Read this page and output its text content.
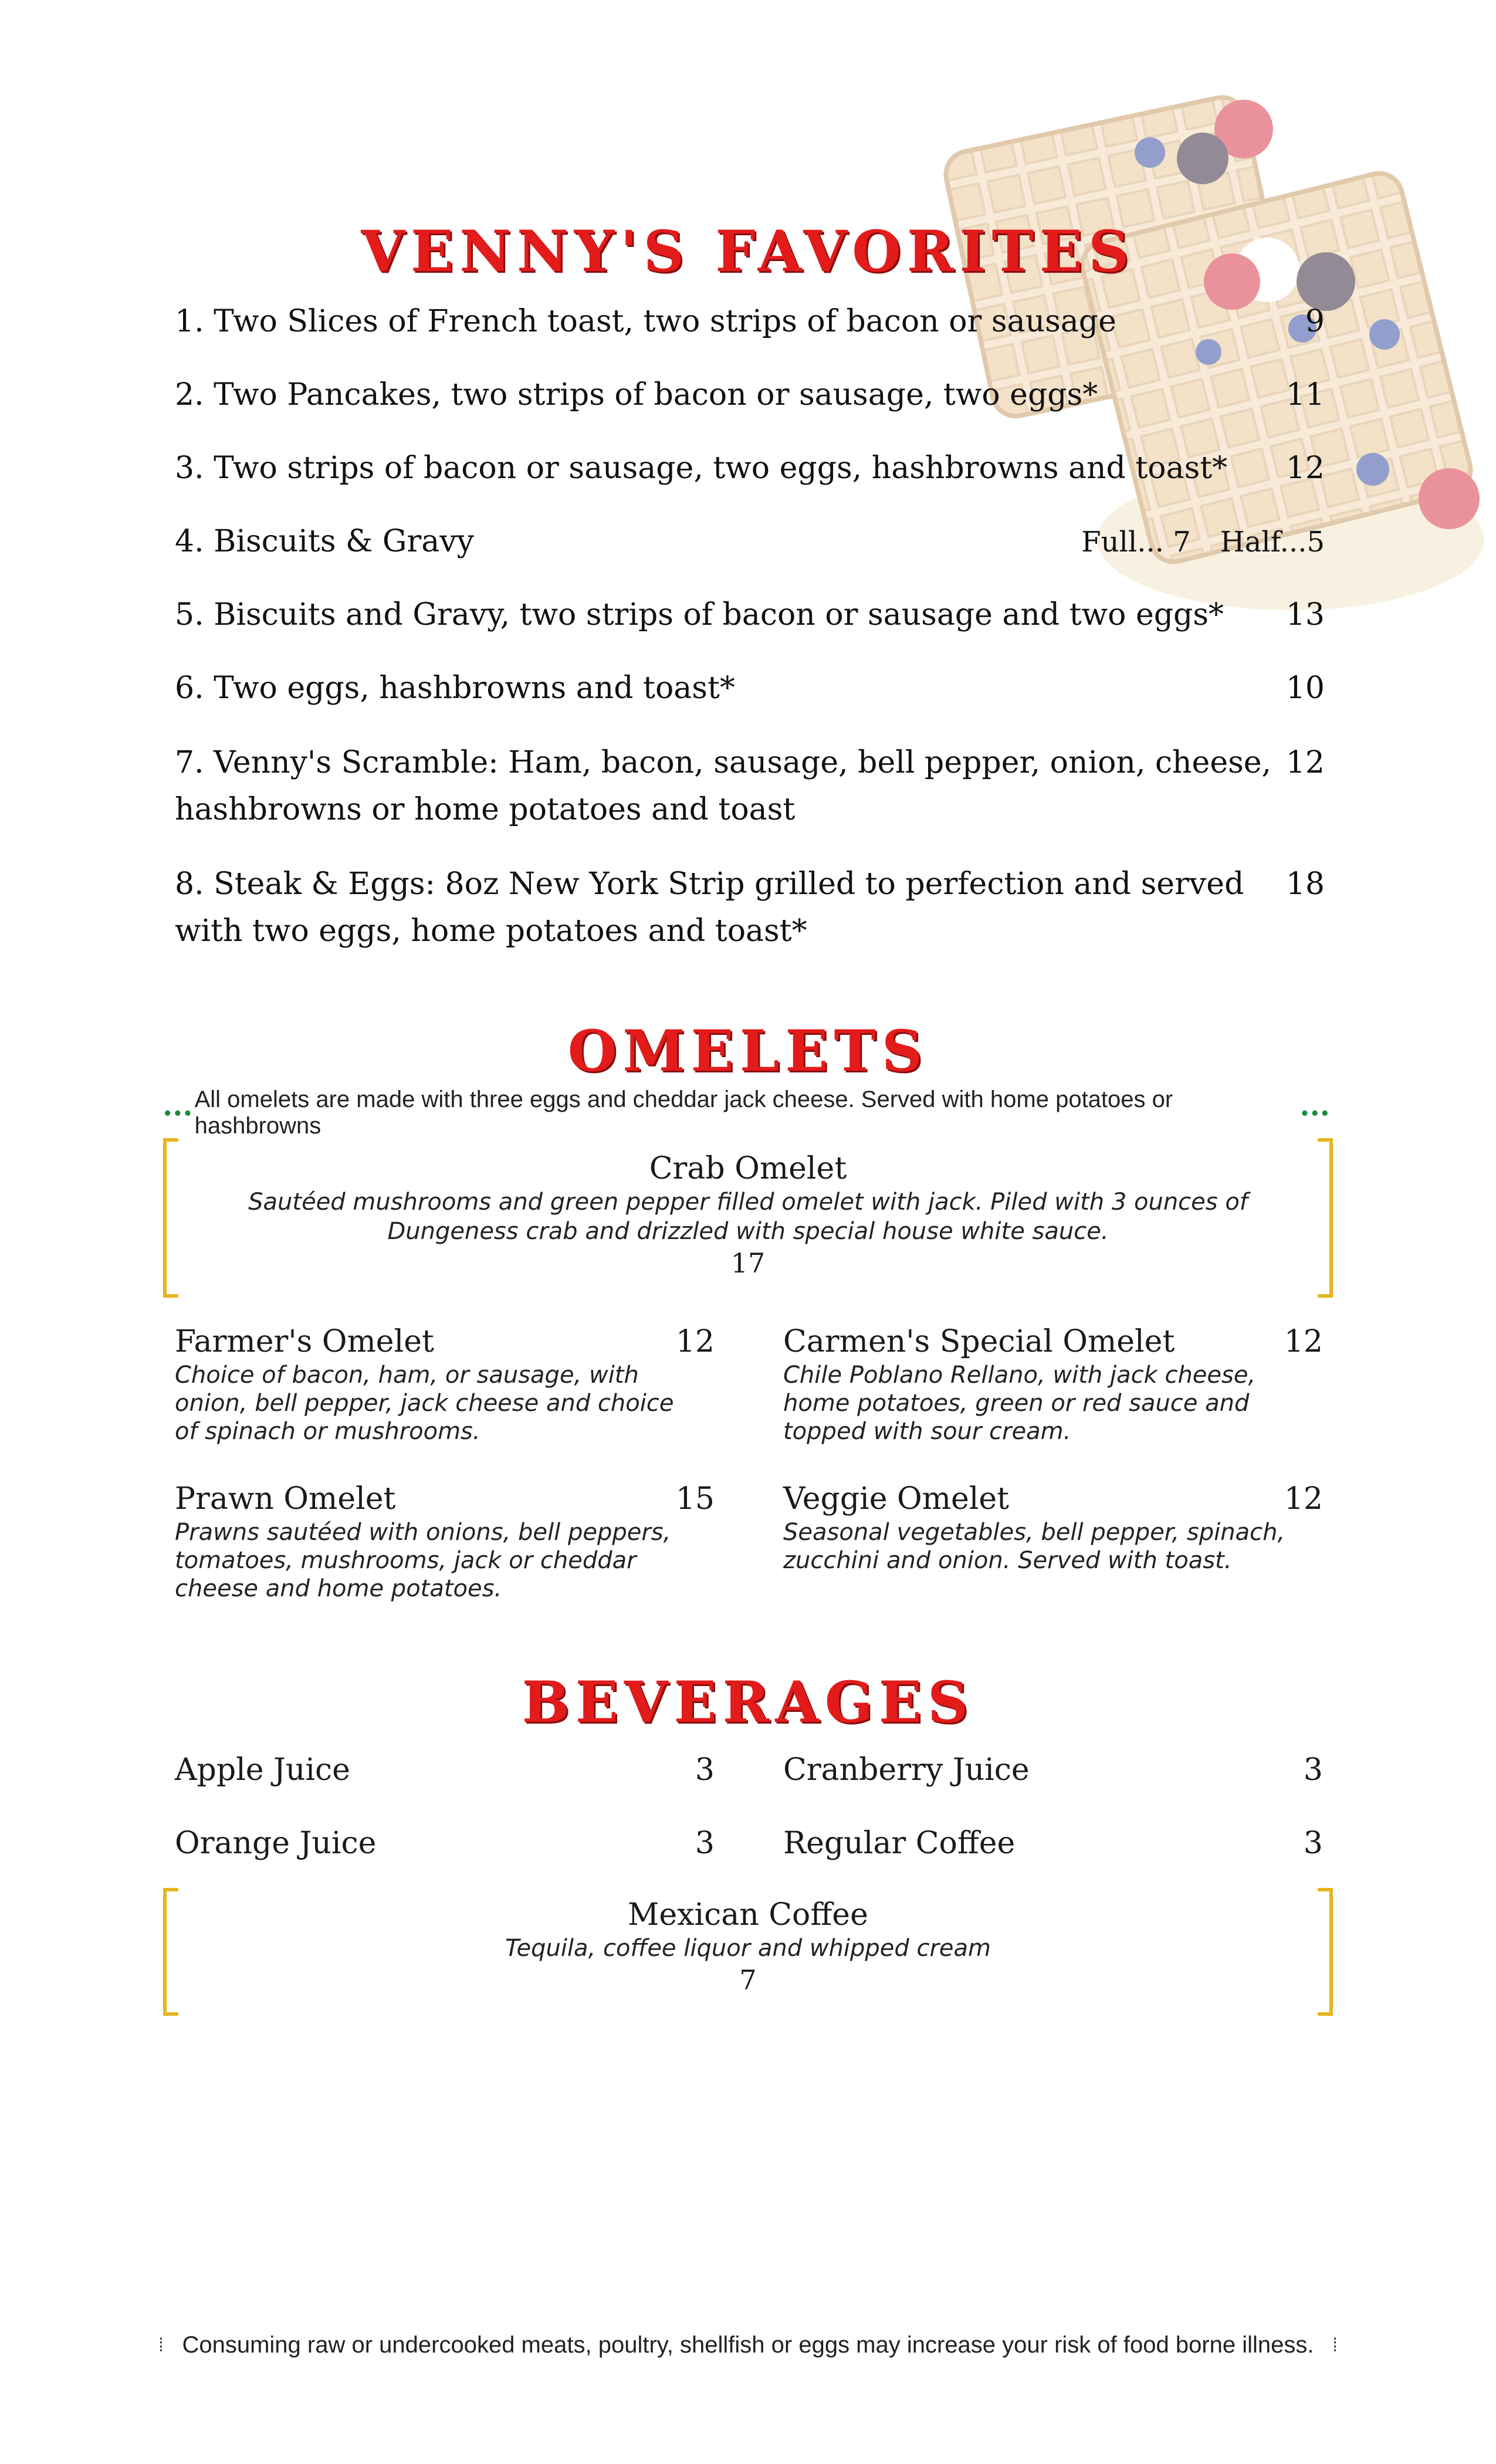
VENNY'S FAVORITES
1. Two Slices of French toast, two strips of bacon or sausage	9
2. Two Pancakes, two strips of bacon or sausage, two eggs*	11
3. Two strips of bacon or sausage, two eggs, hashbrowns and toast*	12
4. Biscuits & Gravy	Full... 7 Half...5
5. Biscuits and Gravy, two strips of bacon or sausage and two eggs*	13
6. Two eggs, hashbrowns and toast*	10
7. Venny's Scramble: Ham, bacon, sausage, bell pepper, onion, cheese, hashbrowns or home potatoes and toast
12
8. Steak & Eggs: 8oz New York Strip grilled to perfection and served with two eggs, home potatoes and toast*
18
OMELETS
•••
All omelets are made with three eggs and cheddar jack cheese. Served with home potatoes or hashbrowns
•••
Crab Omelet
Sautéed mushrooms and green pepper filled omelet with jack. Piled with 3 ounces of Dungeness crab and drizzled with special house white sauce.
17
Farmer's Omelet	12
Choice of bacon, ham, or sausage, with onion, bell pepper, jack cheese and choice of spinach or mushrooms.
Carmen's Special Omelet	12
Chile Poblano Rellano, with jack cheese, home potatoes, green or red sauce and topped with sour cream.
Prawn Omelet	15
Prawns sautéed with onions, bell peppers, tomatoes, mushrooms, jack or cheddar cheese and home potatoes.
Veggie Omelet	12
Seasonal vegetables, bell pepper, spinach, zucchini and onion. Served with toast.
BEVERAGES
Apple Juice	3 Cranberry Juice	3
Orange Juice	3 Regular Coffee	3
Mexican Coffee
Tequila, coffee liquor and whipped cream
7
⁞ Consuming raw or undercooked meats, poultry, shellfish or eggs may increase your risk of food borne illness. ⁞
